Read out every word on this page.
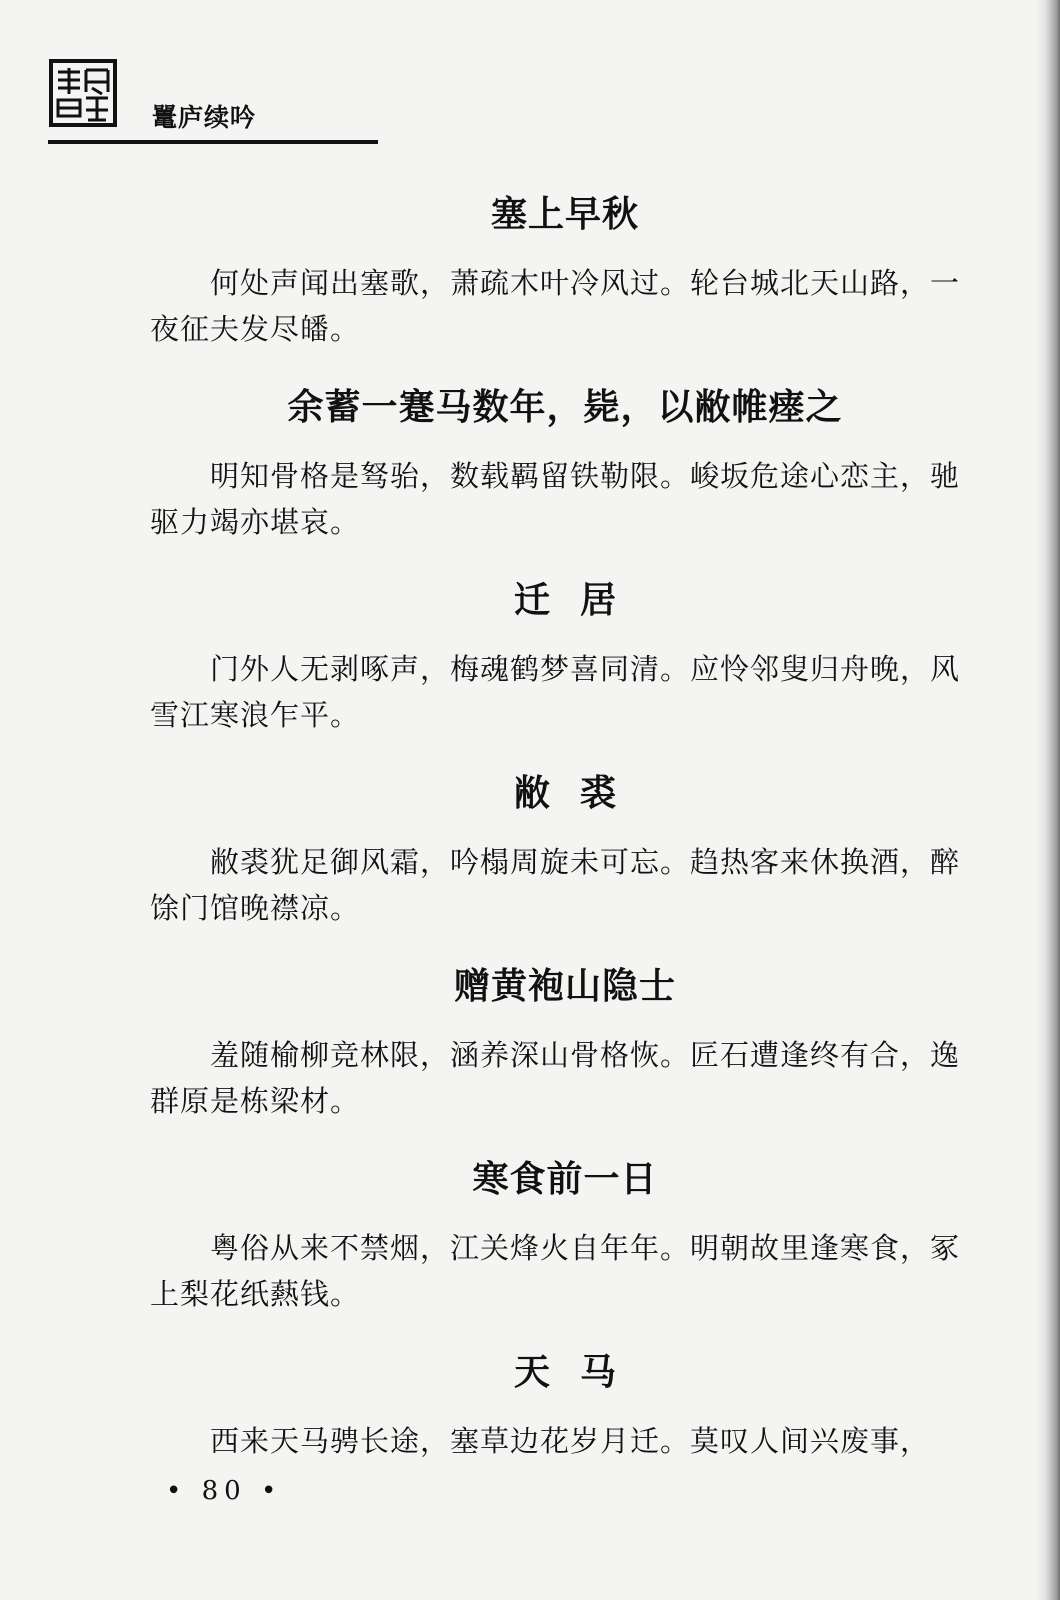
鼍庐续吟
塞上早秋

何处声闻出塞歌，萧疏木叶冷风过。轮台城北天山路，一夜征夫发尽皤。

余蓄一蹇马数年，毙，以敝帷瘗之

明知骨格是驽骀，数载羁留铁勒限。峻坂危途心恋主，驰驱力竭亦堪哀。

迁居

门外人无剥啄声，梅魂鹤梦喜同清。应怜邻叟归舟晚，风雪江寒浪乍平。

敝裘

敝裘犹足御风霜，吟榻周旋未可忘。趋热客来休换酒，醉馀门馆晚襟凉。

赠黄袍山隐士

羞随榆柳竞林限，涵养深山骨格恢。匠石遭逢终有合，逸群原是栋梁材。

寒食前一日

粤俗从来不禁烟，江关烽火自年年。明朝故里逢寒食，冢上梨花纸爇钱。

天马

西来天马骋长途，塞草边花岁月迁。莫叹人间兴废事，

• 80 •
